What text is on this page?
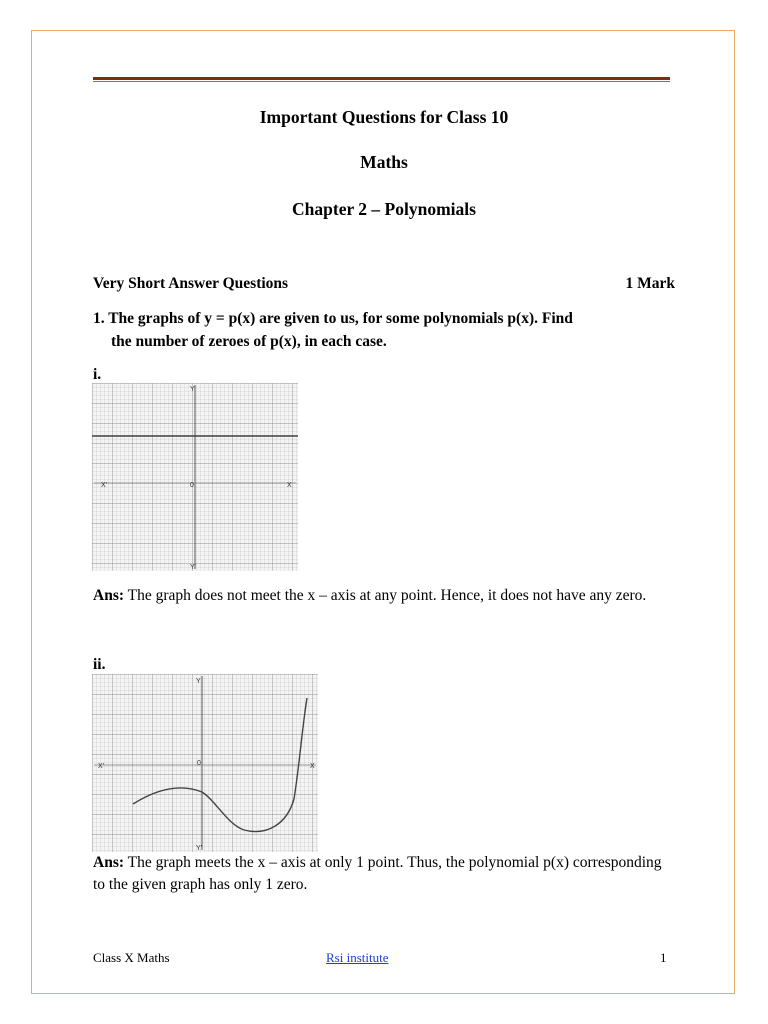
Important Questions for Class 10
Maths
Chapter 2 – Polynomials
Very Short Answer Questions	1 Mark
1. The graphs of y = p(x) are given to us, for some polynomials p(x). Find
the number of zeroes of p(x), in each case.
i.
Y
Y'
X'	X
0
Ans: The graph does not meet the x – axis at any point. Hence, it does not have any zero.
ii.
Y
Y'
X'	X
0
Ans: The graph meets the x – axis at only 1 point. Thus, the polynomial p(x) corresponding to the given graph has only 1 zero.
Class X Maths	Rsi institute	1
